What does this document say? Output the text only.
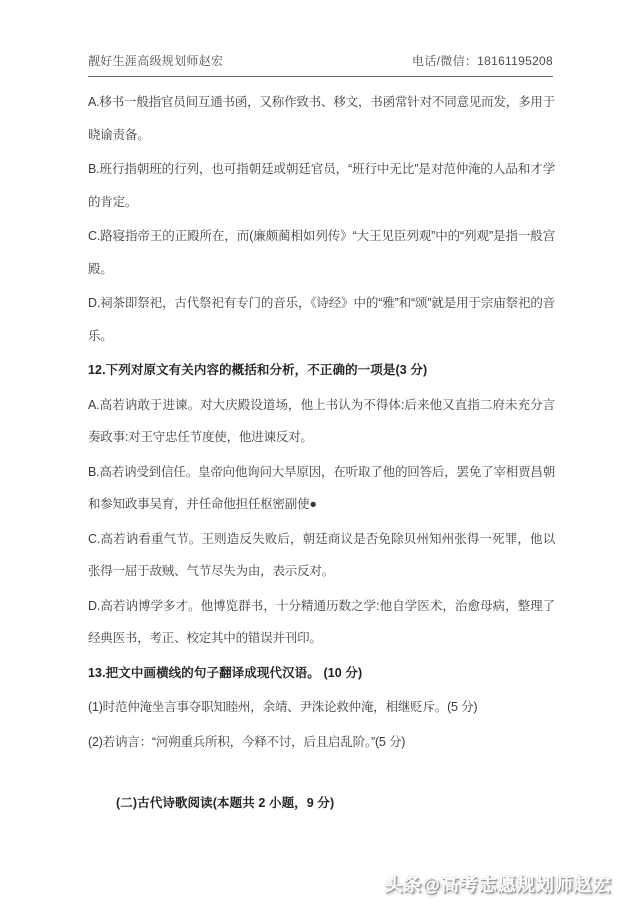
靓好生涯高级规划师赵宏	电话/微信：18161195208

A.移书一般指官员间互通书函，又称作致书、移文，书函常针对不同意见而发，多用于晓谕责备。

B.班行指朝班的行列，也可指朝廷或朝廷官员，“班行中无比”是对范仲淹的人品和才学的肯定。

C.路寝指帝王的正殿所在，而(廉颇蔺相如列传》“大王见臣列观”中的“列观”是指一般宫殿。

D.祠茶即祭祀，古代祭祀有专门的音乐，《诗经》中的“雅”和“颂”就是用于宗庙祭祀的音乐。

12.下列对原文有关内容的概括和分析，不正确的一项是(3 分)

A.高若讷敢于进谏。对大庆殿设道场，他上书认为不得体:后来他又直指二府未充分言奏政事:对王守忠任节度使，他进谏反对。

B.高若讷受到信任。皇帝向他询问大旱原因，在听取了他的回答后，罢免了宰相贾昌朝和参知政事吴育，并任命他担任枢密副使●

C.高若讷看重气节。王则造反失败后，朝廷商议是否免除贝州知州张得一死罪，他以张得一屈于敌贼、气节尽失为由，表示反对。

D.高若讷博学多才。他博览群书，十分精通历数之学:他自学医术，治愈母病，整理了经典医书，考正、校定其中的错误并刊印。

13.把文中画横线的句子翻译成现代汉语。 (10 分)

(1)时范仲淹坐言事夺职知睦州，余靖、尹洙论救仲淹，相继贬斥。(5 分)

(2)若讷言：“河朔重兵所积，今释不讨，后且启乱阶。”(5 分)

(二)古代诗歌阅读(本题共 2 小题，9 分)

头条@高考志愿规划师赵宏
